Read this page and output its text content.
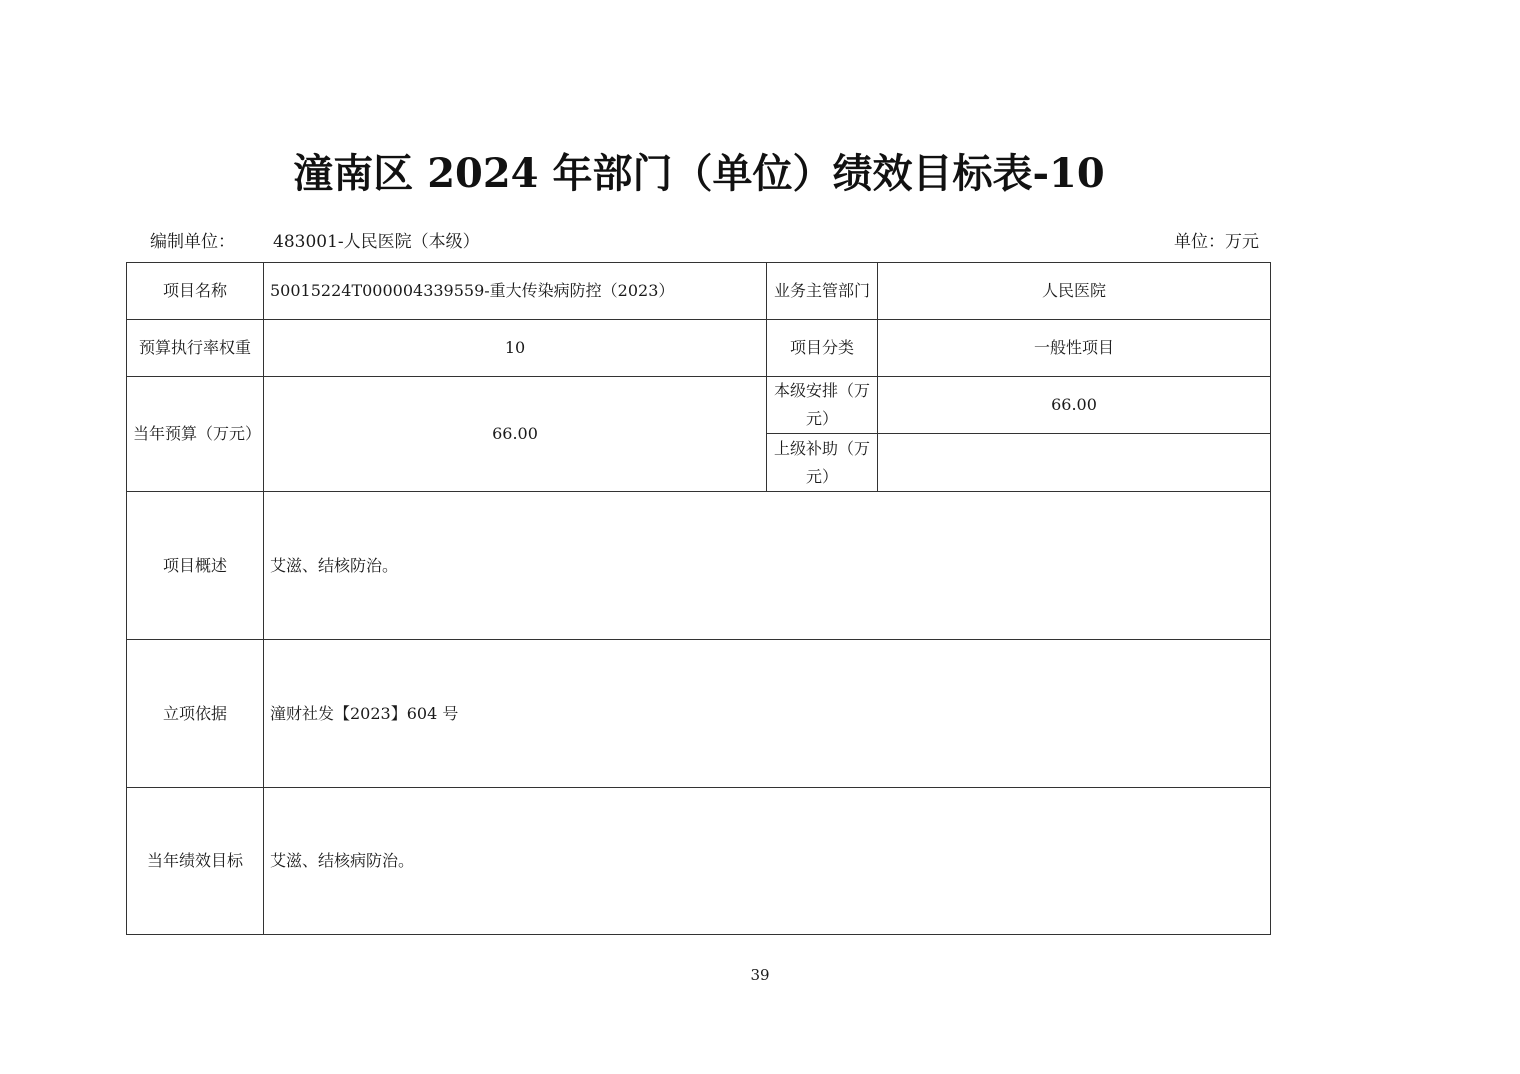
潼南区 2024 年部门（单位）绩效目标表-10
编制单位： 483001-人民医院（本级）	单位：万元
项目名称	50015224T000004339559-重大传染病防控（2023）	业务主管部门	人民医院
预算执行率权重	10	项目分类	一般性项目
当年预算（万元）	66.00	本级安排（万元）	66.00
		上级补助（万元）	
项目概述	艾滋、结核防治。		
立项依据	潼财社发【2023】604 号		
当年绩效目标	艾滋、结核病防治。		
39
